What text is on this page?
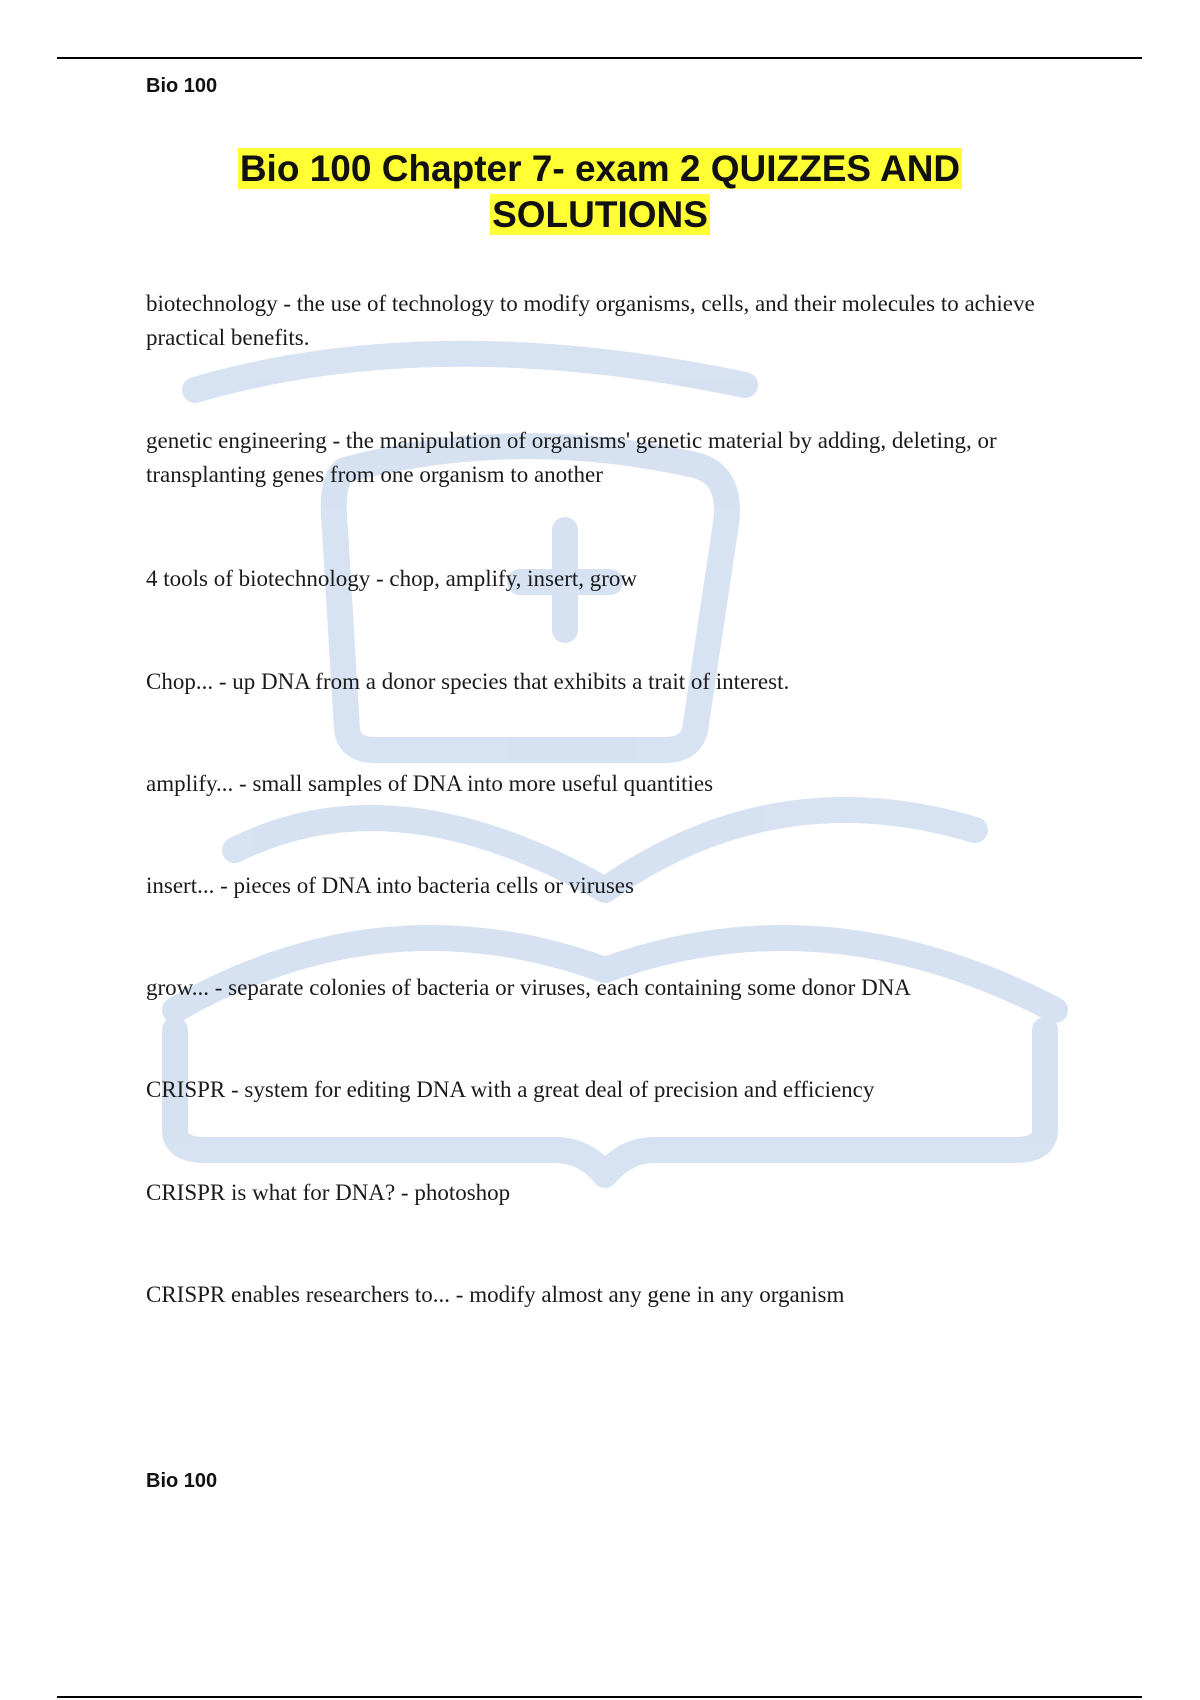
Bio 100
Bio 100 Chapter 7- exam 2 QUIZZES AND
SOLUTIONS
biotechnology - the use of technology to modify organisms, cells, and their molecules to achieve practical benefits.
genetic engineering - the manipulation of organisms' genetic material by adding, deleting, or transplanting genes from one organism to another
4 tools of biotechnology - chop, amplify, insert, grow
Chop... - up DNA from a donor species that exhibits a trait of interest.
amplify... - small samples of DNA into more useful quantities
insert... - pieces of DNA into bacteria cells or viruses
grow... - separate colonies of bacteria or viruses, each containing some donor DNA
CRISPR - system for editing DNA with a great deal of precision and efficiency
CRISPR is what for DNA? - photoshop
CRISPR enables researchers to... - modify almost any gene in any organism
Bio 100
